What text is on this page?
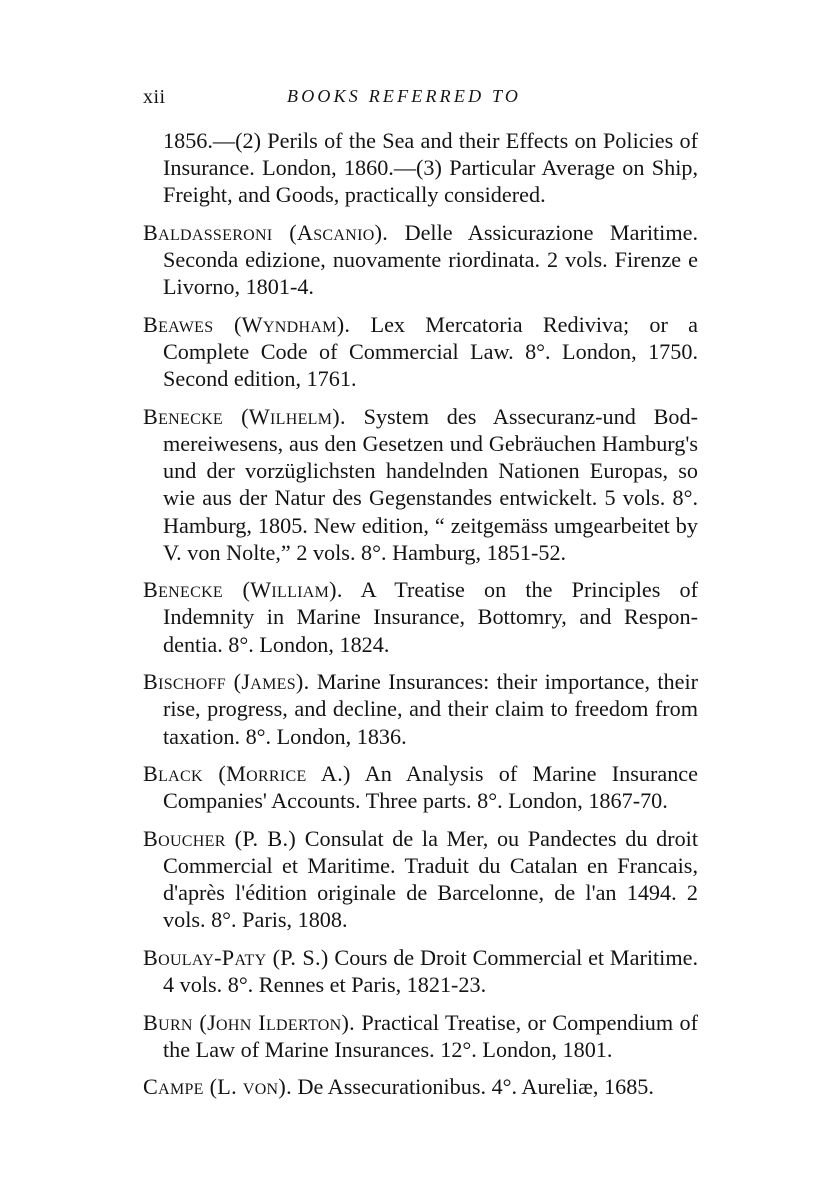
xii	BOOKS REFERRED TO

1856.—(2) Perils of the Sea and their Effects on Policies of Insurance. London, 1860.—(3) Particular Average on Ship, Freight, and Goods, practically considered.

Baldasseroni (Ascanio). Delle Assicurazione Maritime. Seconda edizione, nuovamente riordinata. 2 vols. Firenze e Livorno, 1801-4.

Beawes (Wyndham). Lex Mercatoria Rediviva; or a Complete Code of Commercial Law. 8°. London, 1750. Second edition, 1761.

Benecke (Wilhelm). System des Assecuranz-und Bodmereiwesens, aus den Gesetzen und Gebräuchen Hamburg's und der vorzüglichsten handelnden Nationen Europas, so wie aus der Natur des Gegenstandes entwickelt. 5 vols. 8°. Hamburg, 1805. New edition, “ zeitgemäss umgearbeitet by V. von Nolte,” 2 vols. 8°. Hamburg, 1851-52.

Benecke (William). A Treatise on the Principles of Indemnity in Marine Insurance, Bottomry, and Respondentia. 8°. London, 1824.

Bischoff (James). Marine Insurances: their importance, their rise, progress, and decline, and their claim to freedom from taxation. 8°. London, 1836.

Black (Morrice A.) An Analysis of Marine Insurance Companies' Accounts. Three parts. 8°. London, 1867-70.

Boucher (P. B.) Consulat de la Mer, ou Pandectes du droit Commercial et Maritime. Traduit du Catalan en Francais, d'après l'édition originale de Barcelonne, de l'an 1494. 2 vols. 8°. Paris, 1808.

Boulay-Paty (P. S.) Cours de Droit Commercial et Maritime. 4 vols. 8°. Rennes et Paris, 1821-23.

Burn (John Ilderton). Practical Treatise, or Compendium of the Law of Marine Insurances. 12°. London, 1801.

Campe (L. von). De Assecurationibus. 4°. Aureliæ, 1685.
